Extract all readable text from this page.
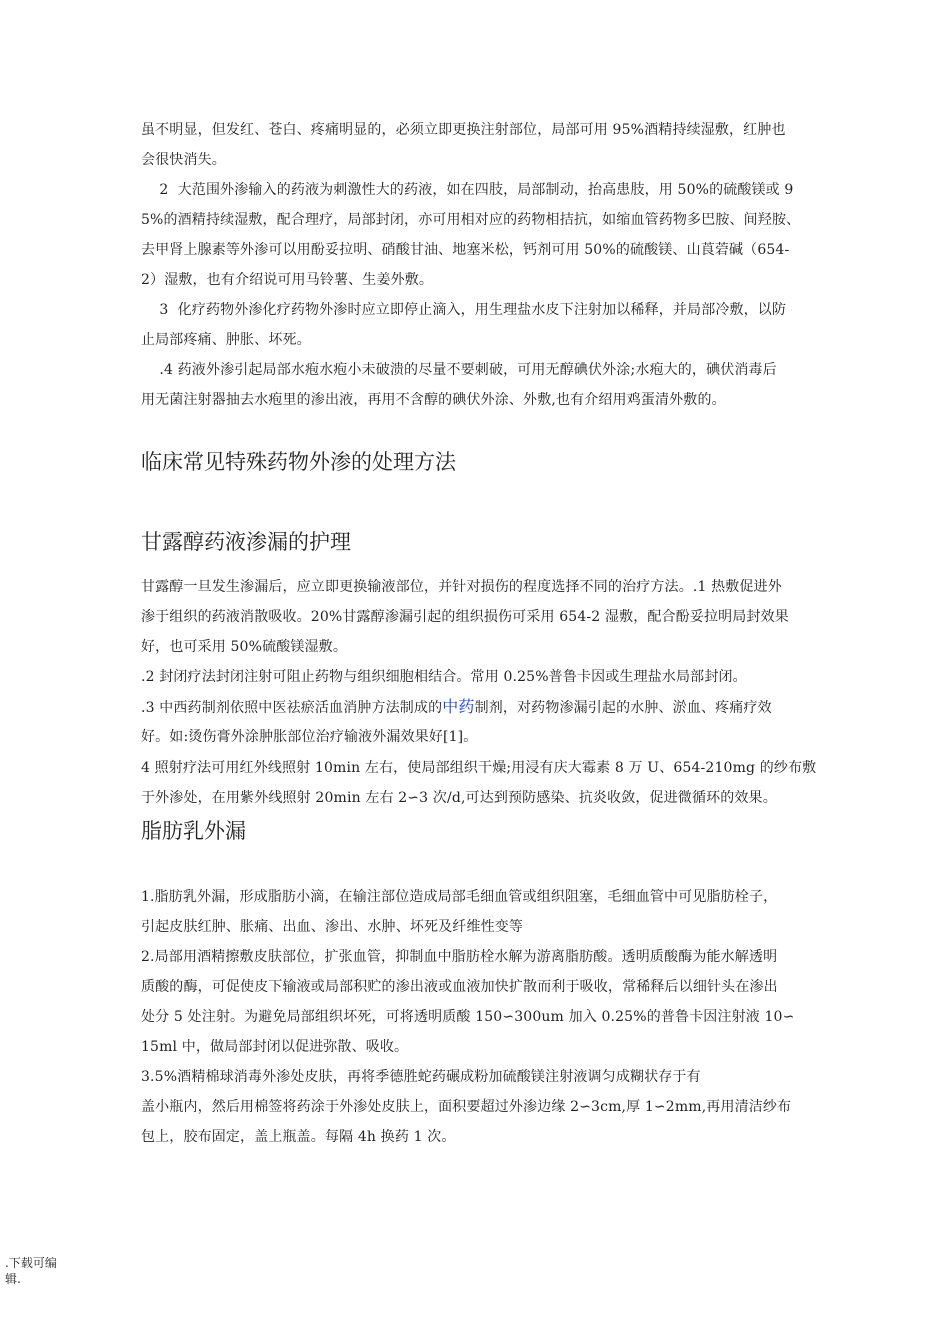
虽不明显，但发红、苍白、疼痛明显的，必须立即更换注射部位，局部可用 95%酒精持续湿敷，红肿也
会很快消失。
2  大范围外渗输入的药液为刺激性大的药液，如在四肢，局部制动，抬高患肢，用 50%的硫酸镁或 9
5%的酒精持续湿敷，配合理疗，局部封闭，亦可用相对应的药物相拮抗，如缩血管药物多巴胺、间羟胺、
去甲肾上腺素等外渗可以用酚妥拉明、硝酸甘油、地塞米松，钙剂可用 50%的硫酸镁、山莨菪碱（654-
2）湿敷，也有介绍说可用马铃薯、生姜外敷。
3  化疗药物外渗化疗药物外渗时应立即停止滴入，用生理盐水皮下注射加以稀释，并局部冷敷，以防
止局部疼痛、肿胀、坏死。
.4 药液外渗引起局部水疱水疱小未破溃的尽量不要刺破，可用无醇碘伏外涂;水疱大的，碘伏消毒后
用无菌注射器抽去水疱里的渗出液，再用不含醇的碘伏外涂、外敷,也有介绍用鸡蛋清外敷的。
临床常见特殊药物外渗的处理方法
甘露醇药液渗漏的护理
甘露醇一旦发生渗漏后，应立即更换输液部位，并针对损伤的程度选择不同的治疗方法。.1 热敷促进外
渗于组织的药液消散吸收。20%甘露醇渗漏引起的组织损伤可采用 654-2 湿敷，配合酚妥拉明局封效果
好，也可采用 50%硫酸镁湿敷。
.2 封闭疗法封闭注射可阻止药物与组织细胞相结合。常用 0.25%普鲁卡因或生理盐水局部封闭。
.3 中西药制剂依照中医祛瘀活血消肿方法制成的中药制剂，对药物渗漏引起的水肿、淤血、疼痛疗效
好。如:烫伤膏外涂肿胀部位治疗输液外漏效果好[1]。
4 照射疗法可用红外线照射 10min 左右，使局部组织干燥;用浸有庆大霉素 8 万 U、654-210mg 的纱布敷
于外渗处，在用紫外线照射 20min 左右 2∽3 次/d,可达到预防感染、抗炎收敛，促进微循环的效果。
脂肪乳外漏
1.脂肪乳外漏，形成脂肪小滴，在输注部位造成局部毛细血管或组织阻塞，毛细血管中可见脂肪栓子，
引起皮肤红肿、胀痛、出血、渗出、水肿、坏死及纤维性变等
2.局部用酒精擦敷皮肤部位，扩张血管，抑制血中脂肪栓水解为游离脂肪酸。透明质酸酶为能水解透明
质酸的酶，可促使皮下输液或局部积贮的渗出液或血液加快扩散而利于吸收，常稀释后以细针头在渗出
处分 5 处注射。为避免局部组织坏死，可将透明质酸 150∽300um 加入 0.25%的普鲁卡因注射液 10∽
15ml 中，做局部封闭以促进弥散、吸收。
3.5%酒精棉球消毒外渗处皮肤，再将季德胜蛇药碾成粉加硫酸镁注射液调匀成糊状存于有
盖小瓶内，然后用棉签将药涂于外渗处皮肤上，面积要超过外渗边缘 2∽3cm,厚 1∽2mm,再用清洁纱布
包上，胶布固定，盖上瓶盖。每隔 4h 换药 1 次。
.下载可编
辑.
